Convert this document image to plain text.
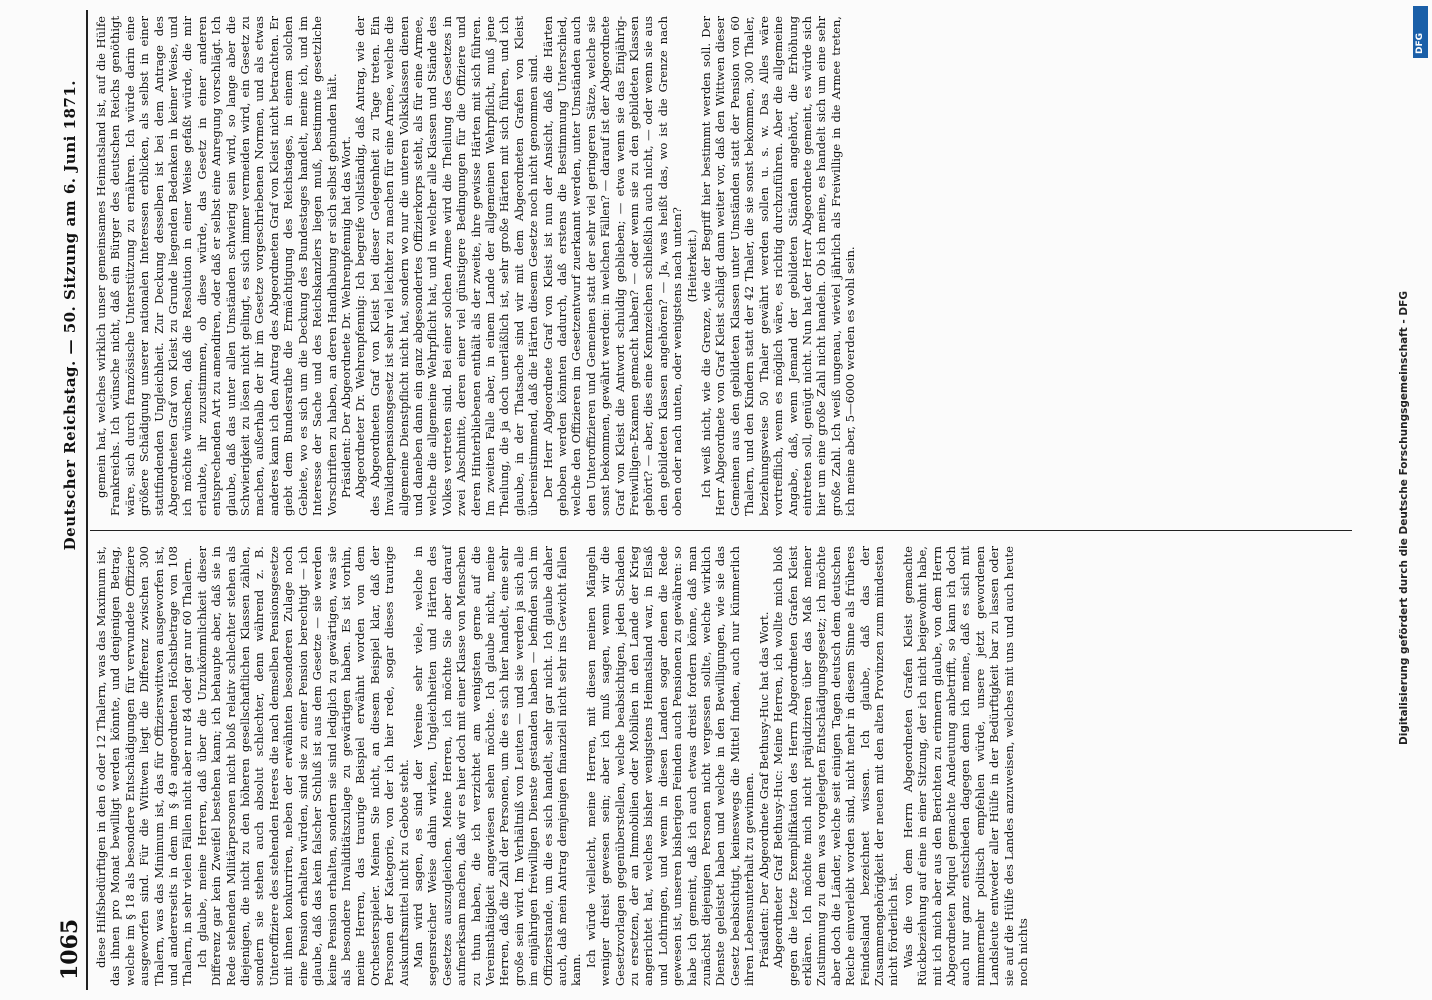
Digitalisierung gefördert durch die Deutsche Forschungsgemeinschaft - DFG
DFG

gemein hat, welches wirklich unser gemeinsames Heimatsland ist, auf die Hülfe Frankreichs. Ich wünsche nicht, daß ein Bürger des deutschen Reichs genöthigt wäre, sich durch französische Unterstützung zu ernähren. Ich würde darin eine größere Schädigung unserer nationalen Interessen erblicken, als selbst in einer stattfindenden Ungleichheit. Zur Deckung desselben ist bei dem Antrage des Abgeordneten Graf von Kleist zu Grunde liegenden Bedenken in keiner Weise, und ich möchte wünschen, daß die Resolution in einer Weise gefaßt würde, die mir erlaubte, ihr zuzustimmen, ob diese würde, das Gesetz in einer anderen entsprechenden Art zu amendiren, oder daß er selbst eine Anregung vorschlägt. Ich glaube, daß das unter allen Umständen schwierig sein wird, so lange aber die Schwierigkeit zu lösen nicht gelingt, es sich immer vermeiden wird, ein Gesetz zu machen, außerhalb der ihr im Gesetze vorgeschriebenen Normen, und als etwas anderes kann ich den Antrag des Abgeordneten Graf von Kleist nicht betrachten. Er giebt dem Bundesrathe die Ermächtigung des Reichstages, in einem solchen Gebiete, wo es sich um die Deckung des Bundestages handelt, meine ich, und im Interesse der Sache und des Reichskanzlers liegen muß, bestimmte gesetzliche Vorschriften zu haben, an deren Handhabung er sich selbst gebunden hält. Präsident: Der Abgeordnete Dr. Wehrenpfennig hat das Wort. Abgeordneter Dr. Wehrenpfennig: Ich begreife vollständig, daß Antrag, wie der des Abgeordneten Graf von Kleist bei dieser Gelegenheit zu Tage treten. Ein Invalidenpensionsgesetz ist sehr viel leichter zu machen für eine Armee, welche die allgemeine Dienstpflicht nicht hat, sondern wo nur die unteren Volksklassen dienen und daneben dann ein ganz abgesondertes Offizierkorps steht, als für eine Armee, welche die allgemeine Wehrpflicht hat, und in welcher alle Klassen und Stände des Volkes vertreten sind. Bei einer solchen Armee wird die Theilung des Gesetzes in zwei Abschnitte, deren einer viel günstigere Bedingungen für die Offiziere und deren Hinterbliebenen enthält als der zweite, ihre gewisse Härten mit sich führen. Im zweiten Falle aber, in einem Lande der allgemeinen Wehrpflicht, muß jene Theilung, die ja doch unerläßlich ist, sehr große Härten mit sich führen, und ich glaube, in der Thatsache sind wir mit dem Abgeordneten Grafen von Kleist übereinstimmend, daß die Härten diesem Gesetze noch nicht genommen sind. Der Herr Abgeordnete Graf von Kleist ist nun der Ansicht, daß die Härten gehoben werden könnten dadurch, daß erstens die Bestimmung Unterschied, welche den Offizieren im Gesetzentwurf zuerkannt werden, unter Umständen auch den Unteroffizieren und Gemeinen statt der sehr viel geringeren Sätze, welche sie sonst bekommen, gewährt werden: in welchen Fällen? — darauf ist der Abgeordnete Graf von Kleist die Antwort schuldig geblieben; — etwa wenn sie das Einjährig-Freiwilligen-Examen gemacht haben? — oder wenn sie zu den gebildeten Klassen gehört? — aber, dies eine Kennzeichen schließlich auch nicht, — oder wenn sie aus den gebildeten Klassen angehören? — Ja, was heißt das, wo ist die Grenze nach oben oder nach unten, oder wenigstens nach unten? (Heiterkeit.) Ich weiß nicht, wie die Grenze, wie der Begriff hier bestimmt werden soll. Der Herr Abgeordnete von Graf Kleist schlägt dann weiter vor, daß den Wittwen dieser Gemeinen aus den gebildeten Klassen unter Umständen statt der Pension von 60 Thalern, und den Kindern statt der 42 Thaler, die sie sonst bekommen, 300 Thaler, beziehungsweise 50 Thaler gewährt werden sollen u. s. w. Das Alles wäre vortrefflich, wenn es möglich wäre, es richtig durchzuführen. Aber die allgemeine Angabe, daß, wenn Jemand der gebildeten Ständen angehört, die Erhöhung eintreten soll, genügt nicht. Nun hat der Herr Abgeordnete gemeint, es würde sich hier um eine große Zahl nicht handeln. Ob ich meine, es handelt sich um eine sehr große Zahl. Ich weiß ungenau, wieviel jährlich als Freiwillige in die Armee treten, ich meine aber, 5—6000 werden es wohl sein.

diese Hilfsbedürftigen in den 6 oder 12 Thalern, was das Maximum ist, das ihnen pro Monat bewilligt werden könnte, und denjenigen Betrag, welche im § 18 als besondere Entschädigungen für verwundete Offiziere ausgeworfen sind. Für die Wittwen liegt die Differenz zwischen 300 Thalern, was das Minimum ist, das für Offizierswittwen ausgeworfen ist, und andererseits in dem im § 49 angeordneten Höchstbetrage von 108 Thalern, in sehr vielen Fällen nicht aber nur 84 oder gar nur 60 Thalern. Ich glaube, meine Herren, daß über die Unzukömmlichkeit dieser Differenz gar kein Zweifel bestehen kann; ich behaupte aber, daß sie in Rede stehenden Militärpersonen nicht bloß relativ schlechter stehen als diejenigen, die nicht zu den höheren gesellschaftlichen Klassen zählen, sondern sie stehen auch absolut schlechter, denn während z. B. Unteroffiziere des stehenden Heeres die nach demselben Pensionsgesetze mit ihnen konkurriren, neben der erwähnten besonderen Zulage noch eine Pension erhalten würden, sind sie zu einer Pension berechtigt — ich glaube, daß das kein falscher Schluß ist aus dem Gesetze — sie werden keine Pension erhalten, sondern sie sind lediglich zu gewärtigen, was sie als besondere Invaliditätszulage zu gewärtigen haben. Es ist vorhin, meine Herren, das traurige Beispiel erwähnt worden von dem Orchesterspieler. Meinen Sie nicht, an diesem Beispiel klar, daß der Personen der Kategorie, von der ich hier rede, sogar dieses traurige Auskunftsmittel nicht zu Gebote steht. Man wird sagen, es sind der Vereine sehr viele, welche in segensreicher Weise dahin wirken, Ungleichheiten und Härten des Gesetzes auszugleichen. Meine Herren, ich möchte Sie aber darauf aufmerksam machen, daß wir es hier doch mit einer Klasse von Menschen zu thun haben, die ich verzichtet am wenigsten gerne auf die Vereinsthätigkeit angewiesen sehen möchte. Ich glaube nicht, meine Herren, daß die Zahl der Personen, um die es sich hier handelt, eine sehr große sein wird. Im Verhältniß von Leuten — und sie werden ja sich alle im einjährigen freiwilligen Dienste gestanden haben — befinden sich im Offizierstande, um die es sich handelt, sehr gar nicht. Ich glaube daher auch, daß mein Antrag demjenigen finanziell nicht sehr ins Gewicht fallen kann.

Ich würde vielleicht, meine Herren, mit diesen meinen Mängeln weniger dreist gewesen sein; aber ich muß sagen, wenn wir die Gesetzvorlagen gegenüberstellen, welche beabsichtigen, jeden Schaden zu ersetzen, der an Immobilien oder Mobilien in den Lande der Krieg angerichtet hat, welches bisher wenigstens Heimatsland war, in Elsaß und Lothringen, und wenn in diesen Landen sogar denen die Rede gewesen ist, unseren bisherigen Feinden auch Pensionen zu gewähren: so habe ich gemeint, daß ich auch etwas dreist fordern könne, daß man zunächst diejenigen Personen nicht vergessen sollte, welche wirklich Dienste geleistet haben und welche in den Bewilligungen, wie sie das Gesetz beabsichtigt, keineswegs die Mittel finden, auch nur kümmerlich ihren Lebensunterhalt zu gewinnen. Präsident: Der Abgeordnete Graf Bethusy-Huc hat das Wort. Abgeordneter Graf Bethusy-Huc: Meine Herren, ich wollte mich bloß gegen die letzte Exemplifikation des Herrn Abgeordneten Grafen Kleist erklären. Ich möchte mich nicht präjudiziren über das Maß meiner Zustimmung zu dem was vorgelegten Entschädigungsgesetz; ich möchte aber doch die Länder, welche seit einigen Tagen deutsch dem deutschen Reiche einverleibt worden sind, nicht mehr in diesem Sinne als früheres Feindesland bezeichnet wissen. Ich glaube, daß das der Zusammengehörigkeit der neuen mit den alten Provinzen zum mindesten nicht förderlich ist. Was die von dem Herrn Abgeordneten Grafen Kleist gemachte Rückbeziehung auf eine in einer Sitzung, der ich nicht beigewohnt habe, mit ich mich aber aus den Berichten zu erinnern glaube, von dem Herrn Abgeordneten Miquel gemachte Andeutung anbetrifft, so kann ich doch auch nur ganz entschieden dagegen denn ich meine, daß es sich mit nimmermehr politisch empfehlen würde, unsere jetzt gewordenen Landsleute entweder aller Hülfe in der Bedürftigkeit bar zu lassen oder sie auf die Hülfe des Landes anzuweisen, welches mit uns und auch heute noch nichts

1065
Deutscher Reichstag. — 50. Sitzung am 6. Juni 1871.
